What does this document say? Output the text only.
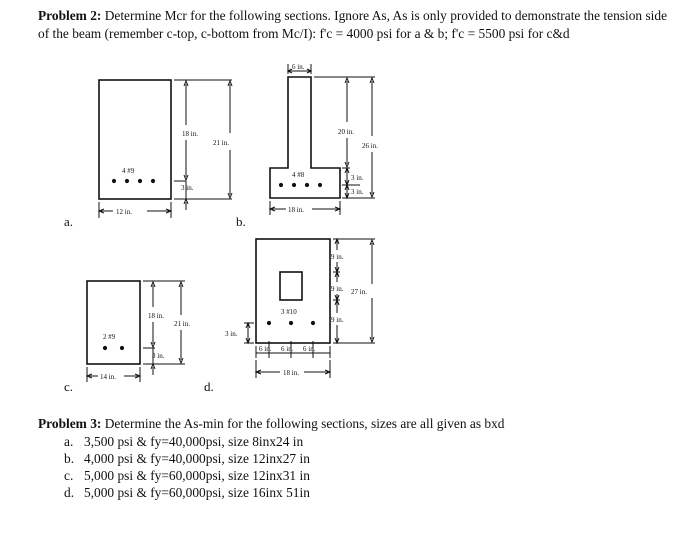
Problem 2: Determine Mcr for the following sections. Ignore As, As is only provided to demonstrate the tension side of the beam (remember c-top, c-bottom from Mc/I): f'c = 4000 psi for a & b; f'c = 5500 psi for c&d
a.	b.
c.	d.
18 in.
21 in.
3 in.
4 #9
12 in.
6 in.
20 in.
26 in.
3 in.
3 in.
4 #8
18 in.
18 in.
21 in.
3 in.
2 #9
14 in.
9 in.
9 in.
9 in.
27 in.
3 in.
3 #10
6 in. 6 in. 6 in.
18 in.
Problem 3: Determine the As-min for the following sections, sizes are all given as bxd
a. 3,500 psi & fy=40,000psi, size 8inx24 in
b. 4,000 psi & fy=40,000psi, size 12inx27 in
c. 5,000 psi & fy=60,000psi, size 12inx31 in
d. 5,000 psi & fy=60,000psi, size 16inx 51in
